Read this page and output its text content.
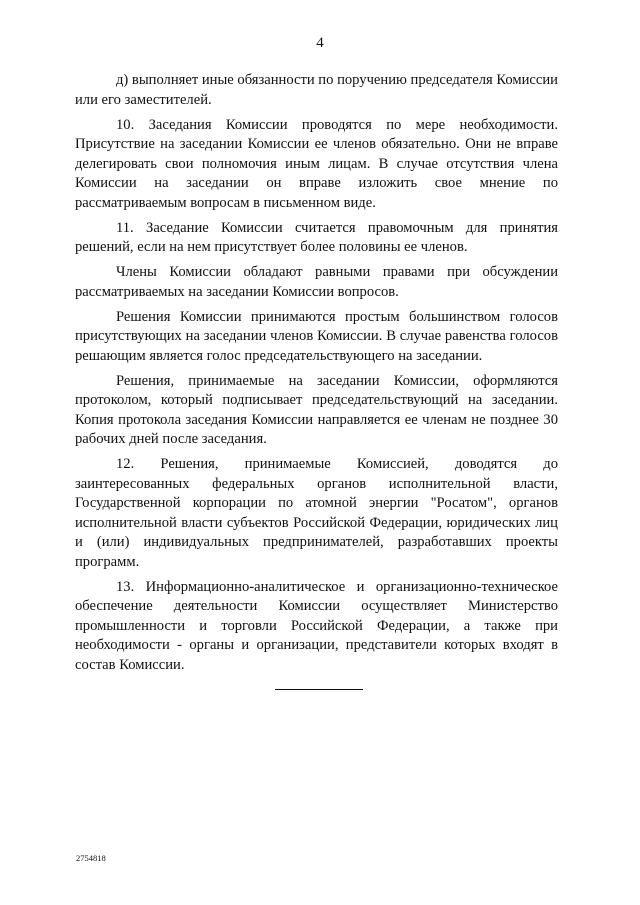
4

д) выполняет иные обязанности по поручению председателя Комиссии или его заместителей.

10. Заседания Комиссии проводятся по мере необходимости. Присутствие на заседании Комиссии ее членов обязательно. Они не вправе делегировать свои полномочия иным лицам. В случае отсутствия члена Комиссии на заседании он вправе изложить свое мнение по рассматриваемым вопросам в письменном виде.

11. Заседание Комиссии считается правомочным для принятия решений, если на нем присутствует более половины ее членов.

Члены Комиссии обладают равными правами при обсуждении рассматриваемых на заседании Комиссии вопросов.

Решения Комиссии принимаются простым большинством голосов присутствующих на заседании членов Комиссии. В случае равенства голосов решающим является голос председательствующего на заседании.

Решения, принимаемые на заседании Комиссии, оформляются протоколом, который подписывает председательствующий на заседании. Копия протокола заседания Комиссии направляется ее членам не позднее 30 рабочих дней после заседания.

12. Решения, принимаемые Комиссией, доводятся до заинтересованных федеральных органов исполнительной власти, Государственной корпорации по атомной энергии "Росатом", органов исполнительной власти субъектов Российской Федерации, юридических лиц и (или) индивидуальных предпринимателей, разработавших проекты программ.

13. Информационно-аналитическое и организационно-техническое обеспечение деятельности Комиссии осуществляет Министерство промышленности и торговли Российской Федерации, а также при необходимости - органы и организации, представители которых входят в состав Комиссии.

2754818
